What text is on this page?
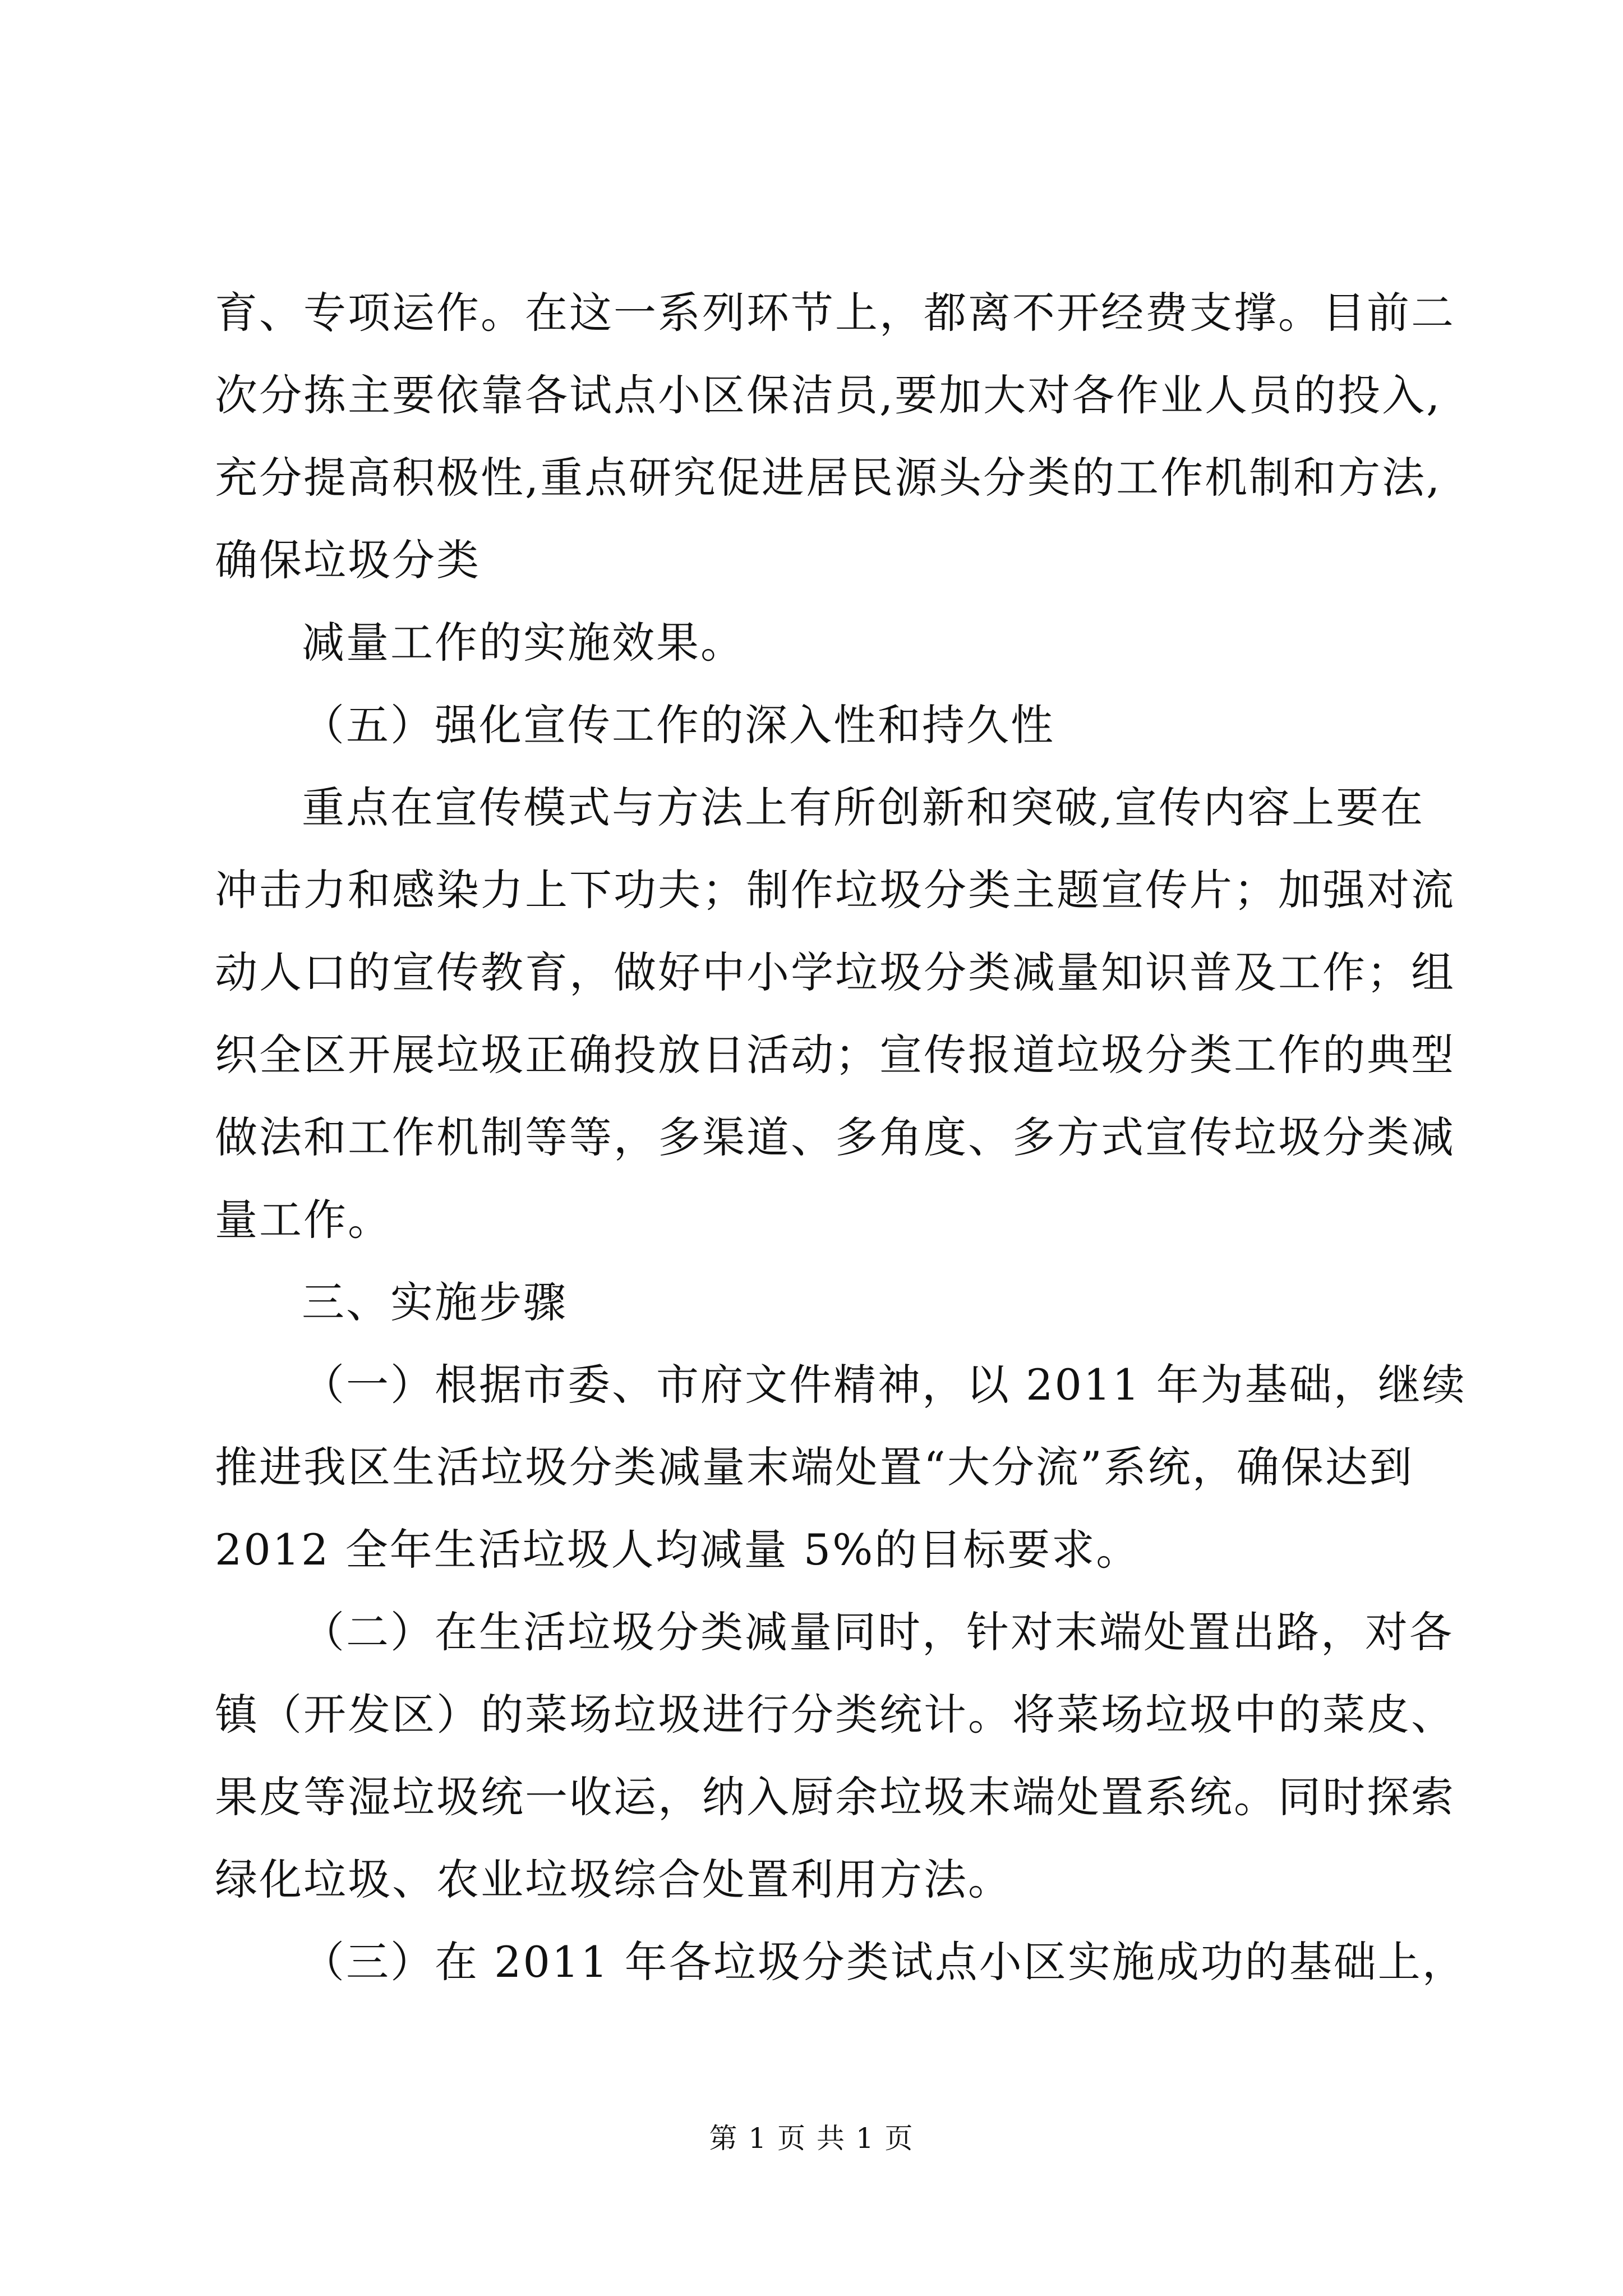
育、专项运作。在这一系列环节上，都离不开经费支撑。目前二
次分拣主要依靠各试点小区保洁员,要加大对各作业人员的投入,
充分提高积极性,重点研究促进居民源头分类的工作机制和方法,
确保垃圾分类
减量工作的实施效果。
（五）强化宣传工作的深入性和持久性
重点在宣传模式与方法上有所创新和突破,宣传内容上要在
冲击力和感染力上下功夫；制作垃圾分类主题宣传片；加强对流
动人口的宣传教育，做好中小学垃圾分类减量知识普及工作；组
织全区开展垃圾正确投放日活动；宣传报道垃圾分类工作的典型
做法和工作机制等等，多渠道、多角度、多方式宣传垃圾分类减
量工作。
三、实施步骤
（一）根据市委、市府文件精神，以 2011 年为基础，继续
推进我区生活垃圾分类减量末端处置“大分流”系统，确保达到
2012 全年生活垃圾人均减量 5%的目标要求。
（二）在生活垃圾分类减量同时，针对末端处置出路，对各
镇（开发区）的菜场垃圾进行分类统计。将菜场垃圾中的菜皮、
果皮等湿垃圾统一收运，纳入厨余垃圾末端处置系统。同时探索
绿化垃圾、农业垃圾综合处置利用方法。
（三）在 2011 年各垃圾分类试点小区实施成功的基础上，
第 1 页 共 1 页
